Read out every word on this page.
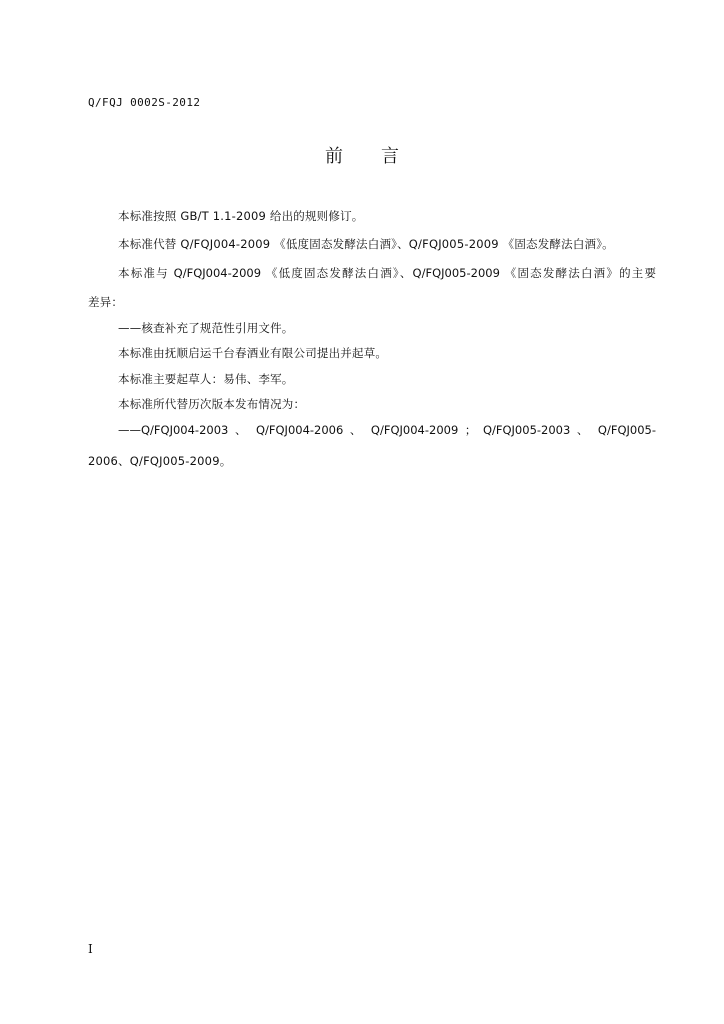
Q/FQJ 0002S-2012
前 言
本标准按照 GB/T 1.1-2009 给出的规则修订。
本标准代替 Q/FQJ004-2009 《低度固态发酵法白酒》、Q/FQJ005-2009 《固态发酵法白酒》。
本标准与 Q/FQJ004-2009 《低度固态发酵法白酒》、Q/FQJ005-2009 《固态发酵法白酒》的主要
差异：
——核查补充了规范性引用文件。
本标准由抚顺启运千台春酒业有限公司提出并起草。
本标准主要起草人：易伟、李军。
本标准所代替历次版本发布情况为：
——Q/FQJ004-2003 、 Q/FQJ004-2006 、 Q/FQJ004-2009 ； Q/FQJ005-2003 、 Q/FQJ005-
2006、Q/FQJ005-2009。
I
